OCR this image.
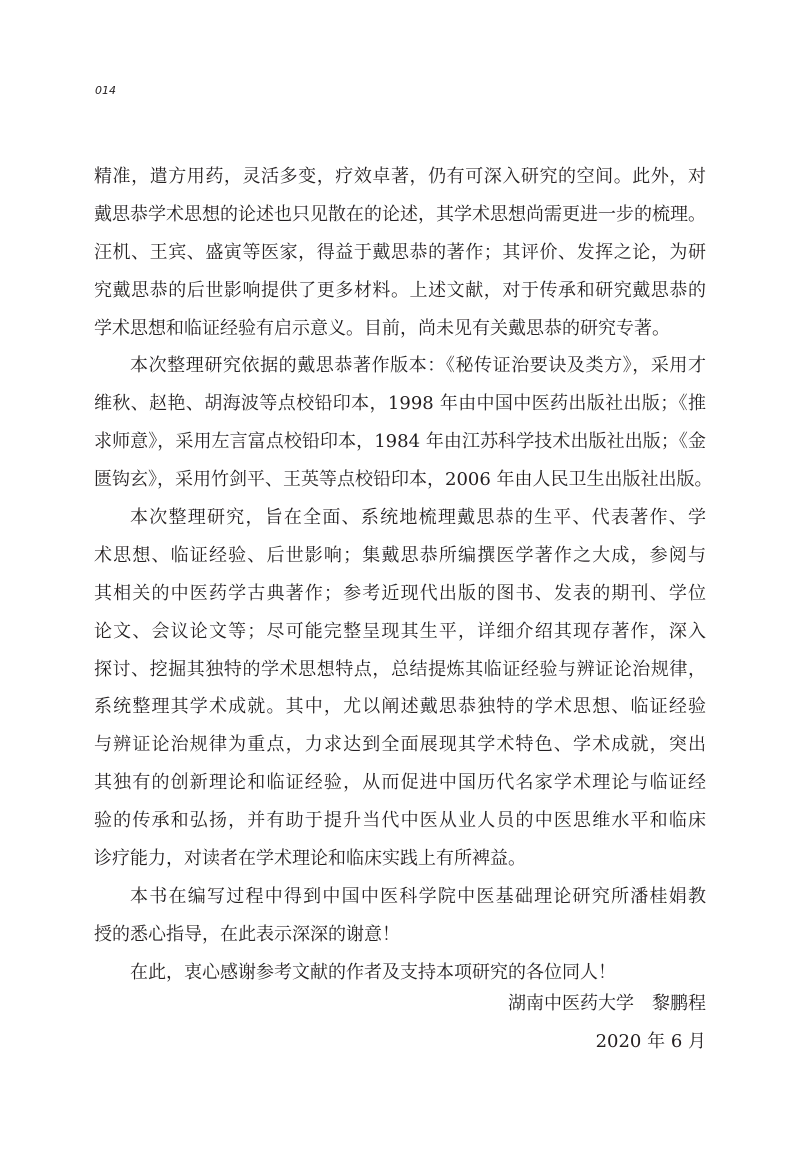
014
精准，遣方用药，灵活多变，疗效卓著，仍有可深入研究的空间。此外，对
戴思恭学术思想的论述也只见散在的论述，其学术思想尚需更进一步的梳理。
汪机、王宾、盛寅等医家，得益于戴思恭的著作；其评价、发挥之论，为研
究戴思恭的后世影响提供了更多材料。上述文献，对于传承和研究戴思恭的
学术思想和临证经验有启示意义。目前，尚未见有关戴思恭的研究专著。
本次整理研究依据的戴思恭著作版本：《秘传证治要诀及类方》，采用才
维秋、赵艳、胡海波等点校铅印本，1998 年由中国中医药出版社出版；《推
求师意》，采用左言富点校铅印本，1984 年由江苏科学技术出版社出版；《金
匮钩玄》，采用竹剑平、王英等点校铅印本，2006 年由人民卫生出版社出版。
本次整理研究，旨在全面、系统地梳理戴思恭的生平、代表著作、学
术思想、临证经验、后世影响；集戴思恭所编撰医学著作之大成，参阅与
其相关的中医药学古典著作；参考近现代出版的图书、发表的期刊、学位
论文、会议论文等；尽可能完整呈现其生平，详细介绍其现存著作，深入
探讨、挖掘其独特的学术思想特点，总结提炼其临证经验与辨证论治规律，
系统整理其学术成就。其中，尤以阐述戴思恭独特的学术思想、临证经验
与辨证论治规律为重点，力求达到全面展现其学术特色、学术成就，突出
其独有的创新理论和临证经验，从而促进中国历代名家学术理论与临证经
验的传承和弘扬，并有助于提升当代中医从业人员的中医思维水平和临床
诊疗能力，对读者在学术理论和临床实践上有所裨益。
本书在编写过程中得到中国中医科学院中医基础理论研究所潘桂娟教
授的悉心指导，在此表示深深的谢意！
在此，衷心感谢参考文献的作者及支持本项研究的各位同人！
湖南中医药大学 黎鹏程
2020 年 6 月
